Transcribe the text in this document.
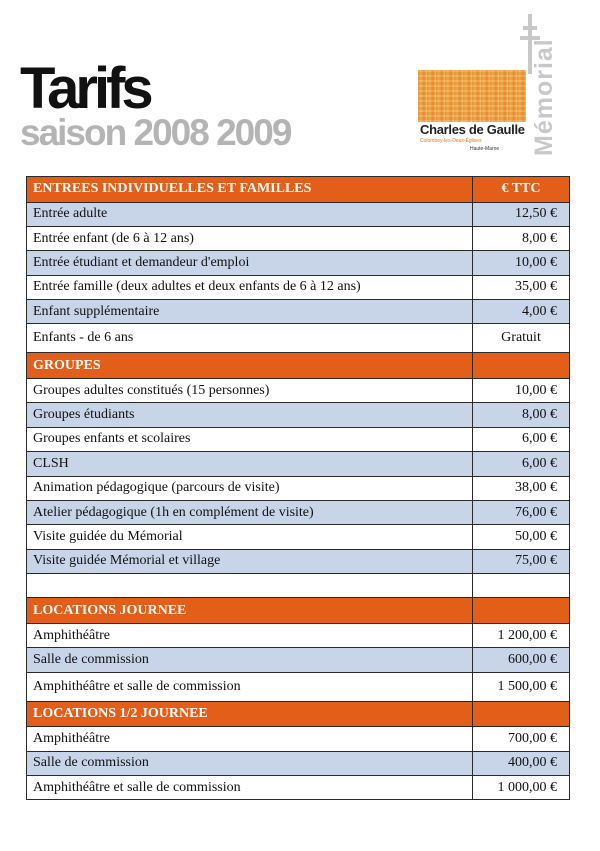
Tarifs
saison 2008 2009	Charles de Gaulle
Colombey-les-Deux-Églises
Haute-Marne Mémorial
ENTREES INDIVIDUELLES ET FAMILLES	€ TTC
Entrée adulte	12,50 €
Entrée enfant (de 6 à 12 ans)	8,00 €
Entrée étudiant et demandeur d'emploi	10,00 €
Entrée famille (deux adultes et deux enfants de 6 à 12 ans)	35,00 €
Enfant supplémentaire	4,00 €
Enfants - de 6 ans	Gratuit
GROUPES	
Groupes adultes constitués (15 personnes)	10,00 €
Groupes étudiants	8,00 €
Groupes enfants et scolaires	6,00 €
CLSH	6,00 €
Animation pédagogique (parcours de visite)	38,00 €
Atelier pédagogique (1h en complément de visite)	76,00 €
Visite guidée du Mémorial	50,00 €
Visite guidée Mémorial et village	75,00 €

LOCATIONS JOURNEE	
Amphithéâtre	1 200,00 €
Salle de commission	600,00 €
Amphithéâtre et salle de commission	1 500,00 €
LOCATIONS 1/2 JOURNEE	
Amphithéâtre	700,00 €
Salle de commission	400,00 €
Amphithéâtre et salle de commission	1 000,00 €
